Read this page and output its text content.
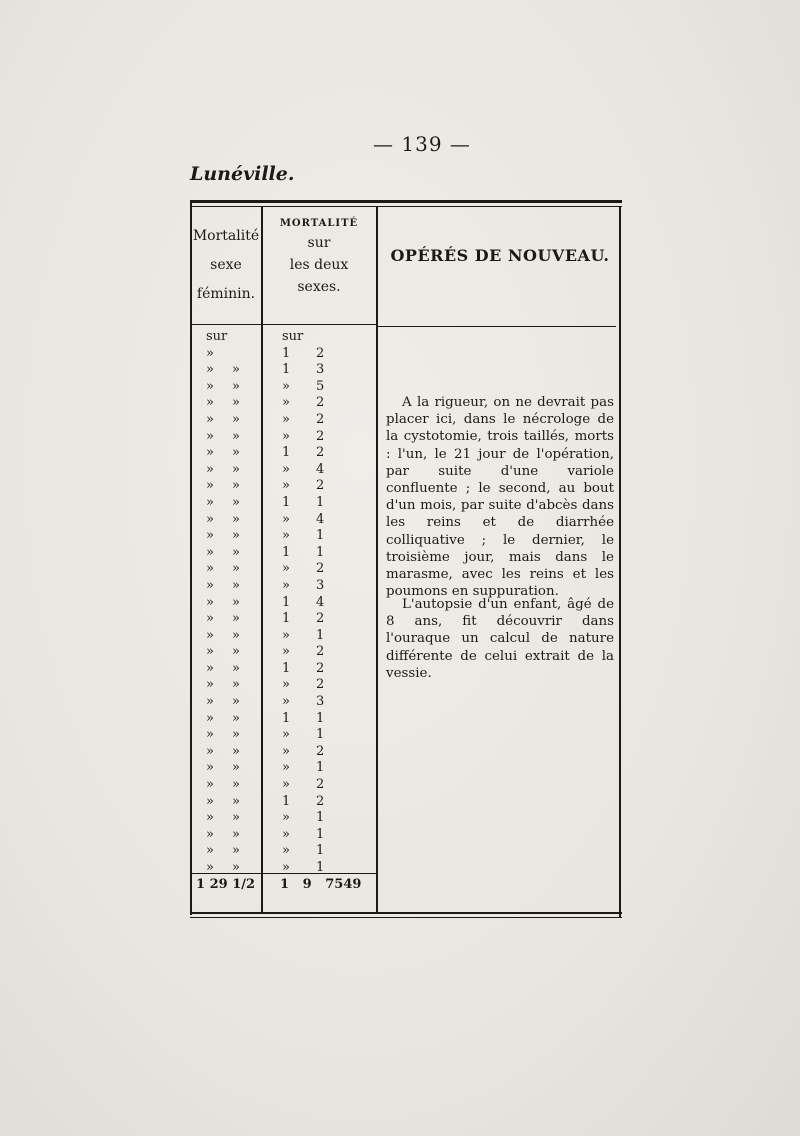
— 139 —
Lunéville.
Mortalité
sexe
féminin.
MORTALITÉ
sur
les deux
sexes.
OPÉRÉS DE NOUVEAU.
sur	sur
»	1 2
» »	1 3
» »	» 5
» »	» 2
» »	» 2
» »	» 2
» »	1 2
» »	» 4
» »	» 2
» »	1 1
» »	» 4
» »	» 1
» »	1 1
» »	» 2
» »	» 3
» »	1 4
» »	1 2
» »	» 1
» »	» 2
» »	1 2
» »	» 2
» »	» 3
» »	1 1
» »	» 1
» »	» 2
» »	» 1
» »	» 2
» »	1 2
» »	» 1
» »	» 1
» »	» 1
» »	» 1
1 29 1/2	1   9   7549

A la rigueur, on ne devrait pas placer ici, dans le nécrologe de la cystotomie, trois taillés, morts : l'un, le 21 jour de l'opération, par suite d'une variole confluente ; le second, au bout d'un mois, par suite d'abcès dans les reins et de diarrhée colliquative ; le dernier, le troisième jour, mais dans le marasme, avec les reins et les poumons en suppuration.

L'autopsie d'un enfant, âgé de 8 ans, fit découvrir dans l'ouraque un calcul de nature différente de celui extrait de la vessie.
